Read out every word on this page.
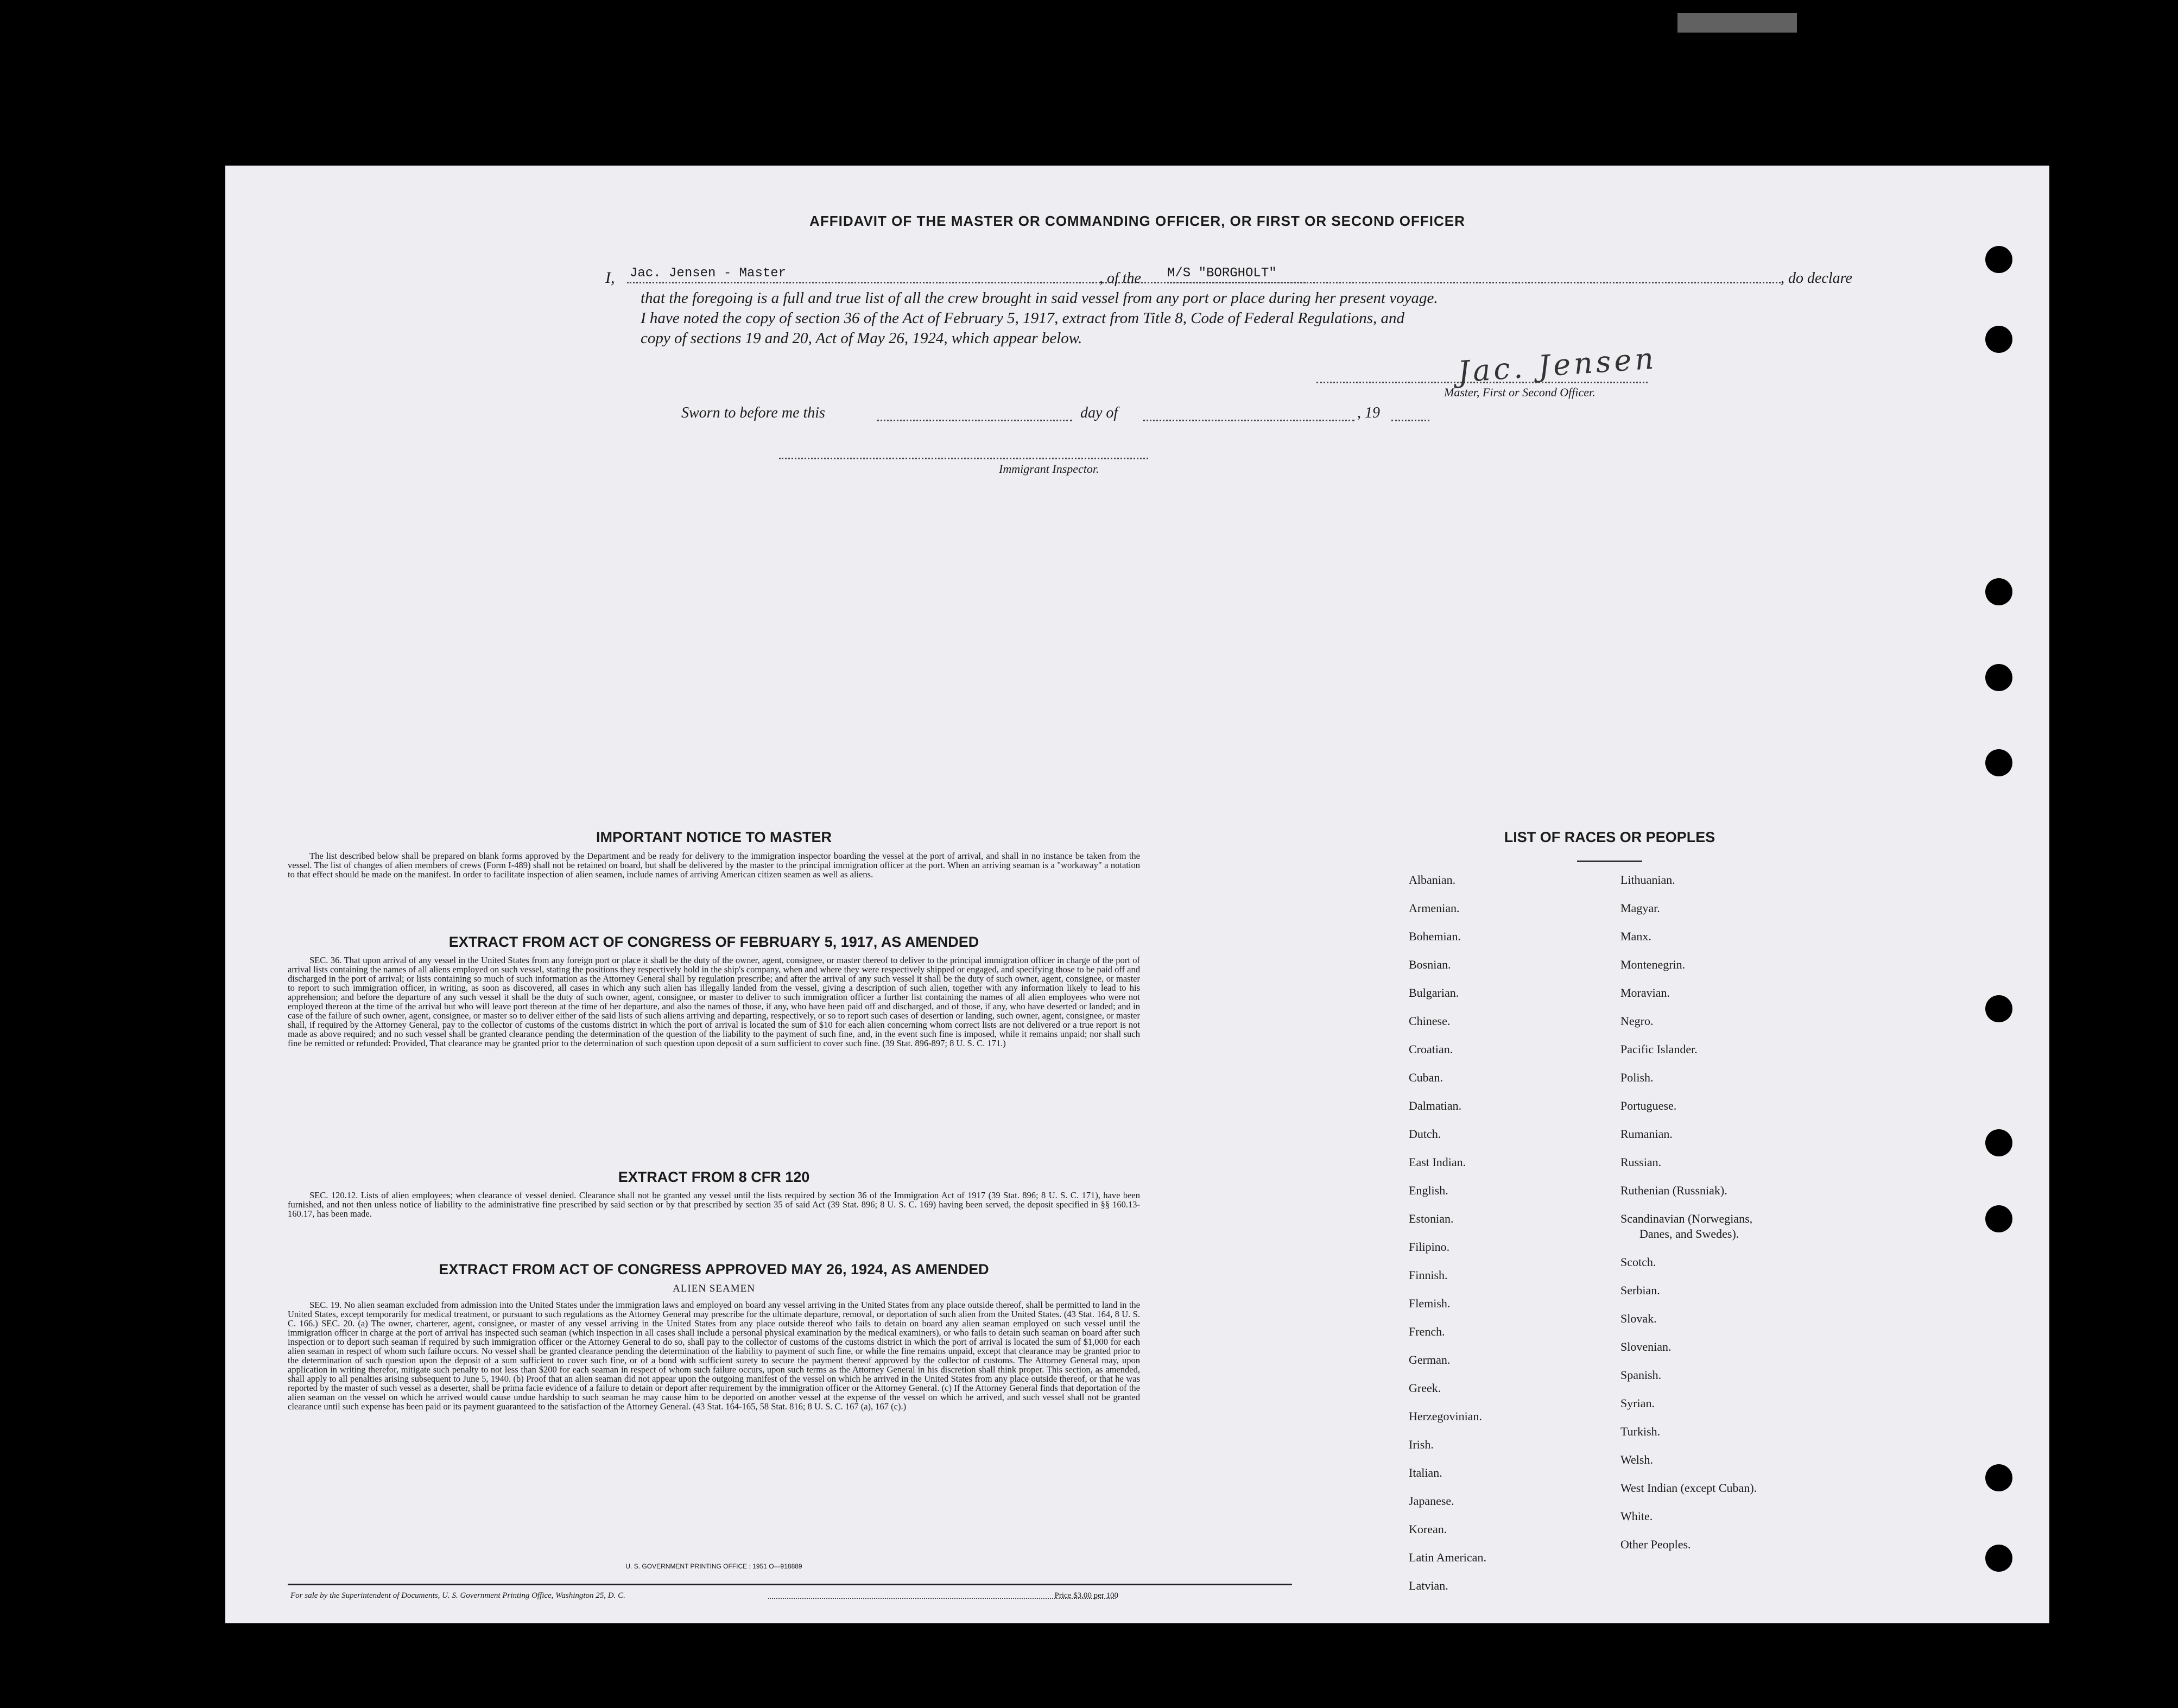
AFFIDAVIT OF THE MASTER OR COMMANDING OFFICER, OR FIRST OR SECOND OFFICER
I, Jac. Jensen - Master	, of the M/S "BORGHOLT"	, do declare
that the foregoing is a full and true list of all the crew brought in said vessel from any port or place during her present voyage.
I have noted the copy of section 36 of the Act of February 5, 1917, extract from Title 8, Code of Federal Regulations, and
copy of sections 19 and 20, Act of May 26, 1924, which appear below.
Jac. Jensen
Master, First or Second Officer.
Sworn to before me this	day of	, 19
Immigrant Inspector.
IMPORTANT NOTICE TO MASTER
The list described below shall be prepared on blank forms approved by the Department and be ready for delivery to the immigration inspector boarding the vessel at the port of arrival, and shall in no instance be taken from the vessel. The list of changes of alien members of crews (Form I-489) shall not be retained on board, but shall be delivered by the master to the principal immigration officer at the port. When an arriving seaman is a "workaway" a notation to that effect should be made on the manifest. In order to facilitate inspection of alien seamen, include names of arriving American citizen seamen as well as aliens.
EXTRACT FROM ACT OF CONGRESS OF FEBRUARY 5, 1917, AS AMENDED
SEC. 36. That upon arrival of any vessel in the United States from any foreign port or place it shall be the duty of the owner, agent, consignee, or master thereof to deliver to the principal immigration officer in charge of the port of arrival lists containing the names of all aliens employed on such vessel, stating the positions they respectively hold in the ship's company, when and where they were respectively shipped or engaged, and specifying those to be paid off and discharged in the port of arrival; or lists containing so much of such information as the Attorney General shall by regulation prescribe; and after the arrival of any such vessel it shall be the duty of such owner, agent, consignee, or master to report to such immigration officer, in writing, as soon as discovered, all cases in which any such alien has illegally landed from the vessel, giving a description of such alien, together with any information likely to lead to his apprehension; and before the departure of any such vessel it shall be the duty of such owner, agent, consignee, or master to deliver to such immigration officer a further list containing the names of all alien employees who were not employed thereon at the time of the arrival but who will leave port thereon at the time of her departure, and also the names of those, if any, who have been paid off and discharged, and of those, if any, who have deserted or landed; and in case of the failure of such owner, agent, consignee, or master so to deliver either of the said lists of such aliens arriving and departing, respectively, or so to report such cases of desertion or landing, such owner, agent, consignee, or master shall, if required by the Attorney General, pay to the collector of customs of the customs district in which the port of arrival is located the sum of $10 for each alien concerning whom correct lists are not delivered or a true report is not made as above required; and no such vessel shall be granted clearance pending the determination of the question of the liability to the payment of such fine, and, in the event such fine is imposed, while it remains unpaid; nor shall such fine be remitted or refunded: Provided, That clearance may be granted prior to the determination of such question upon deposit of a sum sufficient to cover such fine. (39 Stat. 896-897; 8 U. S. C. 171.)
EXTRACT FROM 8 CFR 120
SEC. 120.12. Lists of alien employees; when clearance of vessel denied. Clearance shall not be granted any vessel until the lists required by section 36 of the Immigration Act of 1917 (39 Stat. 896; 8 U. S. C. 171), have been furnished, and not then unless notice of liability to the administrative fine prescribed by said section or by that prescribed by section 35 of said Act (39 Stat. 896; 8 U. S. C. 169) having been served, the deposit specified in §§ 160.13-160.17, has been made.
EXTRACT FROM ACT OF CONGRESS APPROVED MAY 26, 1924, AS AMENDED
ALIEN SEAMEN
SEC. 19. No alien seaman excluded from admission into the United States under the immigration laws and employed on board any vessel arriving in the United States from any place outside thereof, shall be permitted to land in the United States, except temporarily for medical treatment, or pursuant to such regulations as the Attorney General may prescribe for the ultimate departure, removal, or deportation of such alien from the United States. (43 Stat. 164, 8 U. S. C. 166.) SEC. 20. (a) The owner, charterer, agent, consignee, or master of any vessel arriving in the United States from any place outside thereof who fails to detain on board any alien seaman employed on such vessel until the immigration officer in charge at the port of arrival has inspected such seaman (which inspection in all cases shall include a personal physical examination by the medical examiners), or who fails to detain such seaman on board after such inspection or to deport such seaman if required by such immigration officer or the Attorney General to do so, shall pay to the collector of customs of the customs district in which the port of arrival is located the sum of $1,000 for each alien seaman in respect of whom such failure occurs. No vessel shall be granted clearance pending the determination of the liability to payment of such fine, or while the fine remains unpaid, except that clearance may be granted prior to the determination of such question upon the deposit of a sum sufficient to cover such fine, or of a bond with sufficient surety to secure the payment thereof approved by the collector of customs. The Attorney General may, upon application in writing therefor, mitigate such penalty to not less than $200 for each seaman in respect of whom such failure occurs, upon such terms as the Attorney General in his discretion shall think proper. This section, as amended, shall apply to all penalties arising subsequent to June 5, 1940. (b) Proof that an alien seaman did not appear upon the outgoing manifest of the vessel on which he arrived in the United States from any place outside thereof, or that he was reported by the master of such vessel as a deserter, shall be prima facie evidence of a failure to detain or deport after requirement by the immigration officer or the Attorney General. (c) If the Attorney General finds that deportation of the alien seaman on the vessel on which he arrived would cause undue hardship to such seaman he may cause him to be deported on another vessel at the expense of the vessel on which he arrived, and such vessel shall not be granted clearance until such expense has been paid or its payment guaranteed to the satisfaction of the Attorney General. (43 Stat. 164-165, 58 Stat. 816; 8 U. S. C. 167 (a), 167 (c).)
U. S. GOVERNMENT PRINTING OFFICE : 1951 O—918889
For sale by the Superintendent of Documents, U. S. Government Printing Office, Washington 25, D. C.	Price $3.00 per 100
LIST OF RACES OR PEOPLES
Albanian.
Armenian.
Bohemian.
Bosnian.
Bulgarian.
Chinese.
Croatian.
Cuban.
Dalmatian.
Dutch.
East Indian.
English.
Estonian.
Filipino.
Finnish.
Flemish.
French.
German.
Greek.
Herzegovinian.
Irish.
Italian.
Japanese.
Korean.
Latin American.
Latvian.
Lithuanian.
Magyar.
Manx.
Montenegrin.
Moravian.
Negro.
Pacific Islander.
Polish.
Portuguese.
Rumanian.
Russian.
Ruthenian (Russniak).
Scandinavian (Norwegians,
Danes, and Swedes).
Scotch.
Serbian.
Slovak.
Slovenian.
Spanish.
Syrian.
Turkish.
Welsh.
West Indian (except Cuban).
White.
Other Peoples.
